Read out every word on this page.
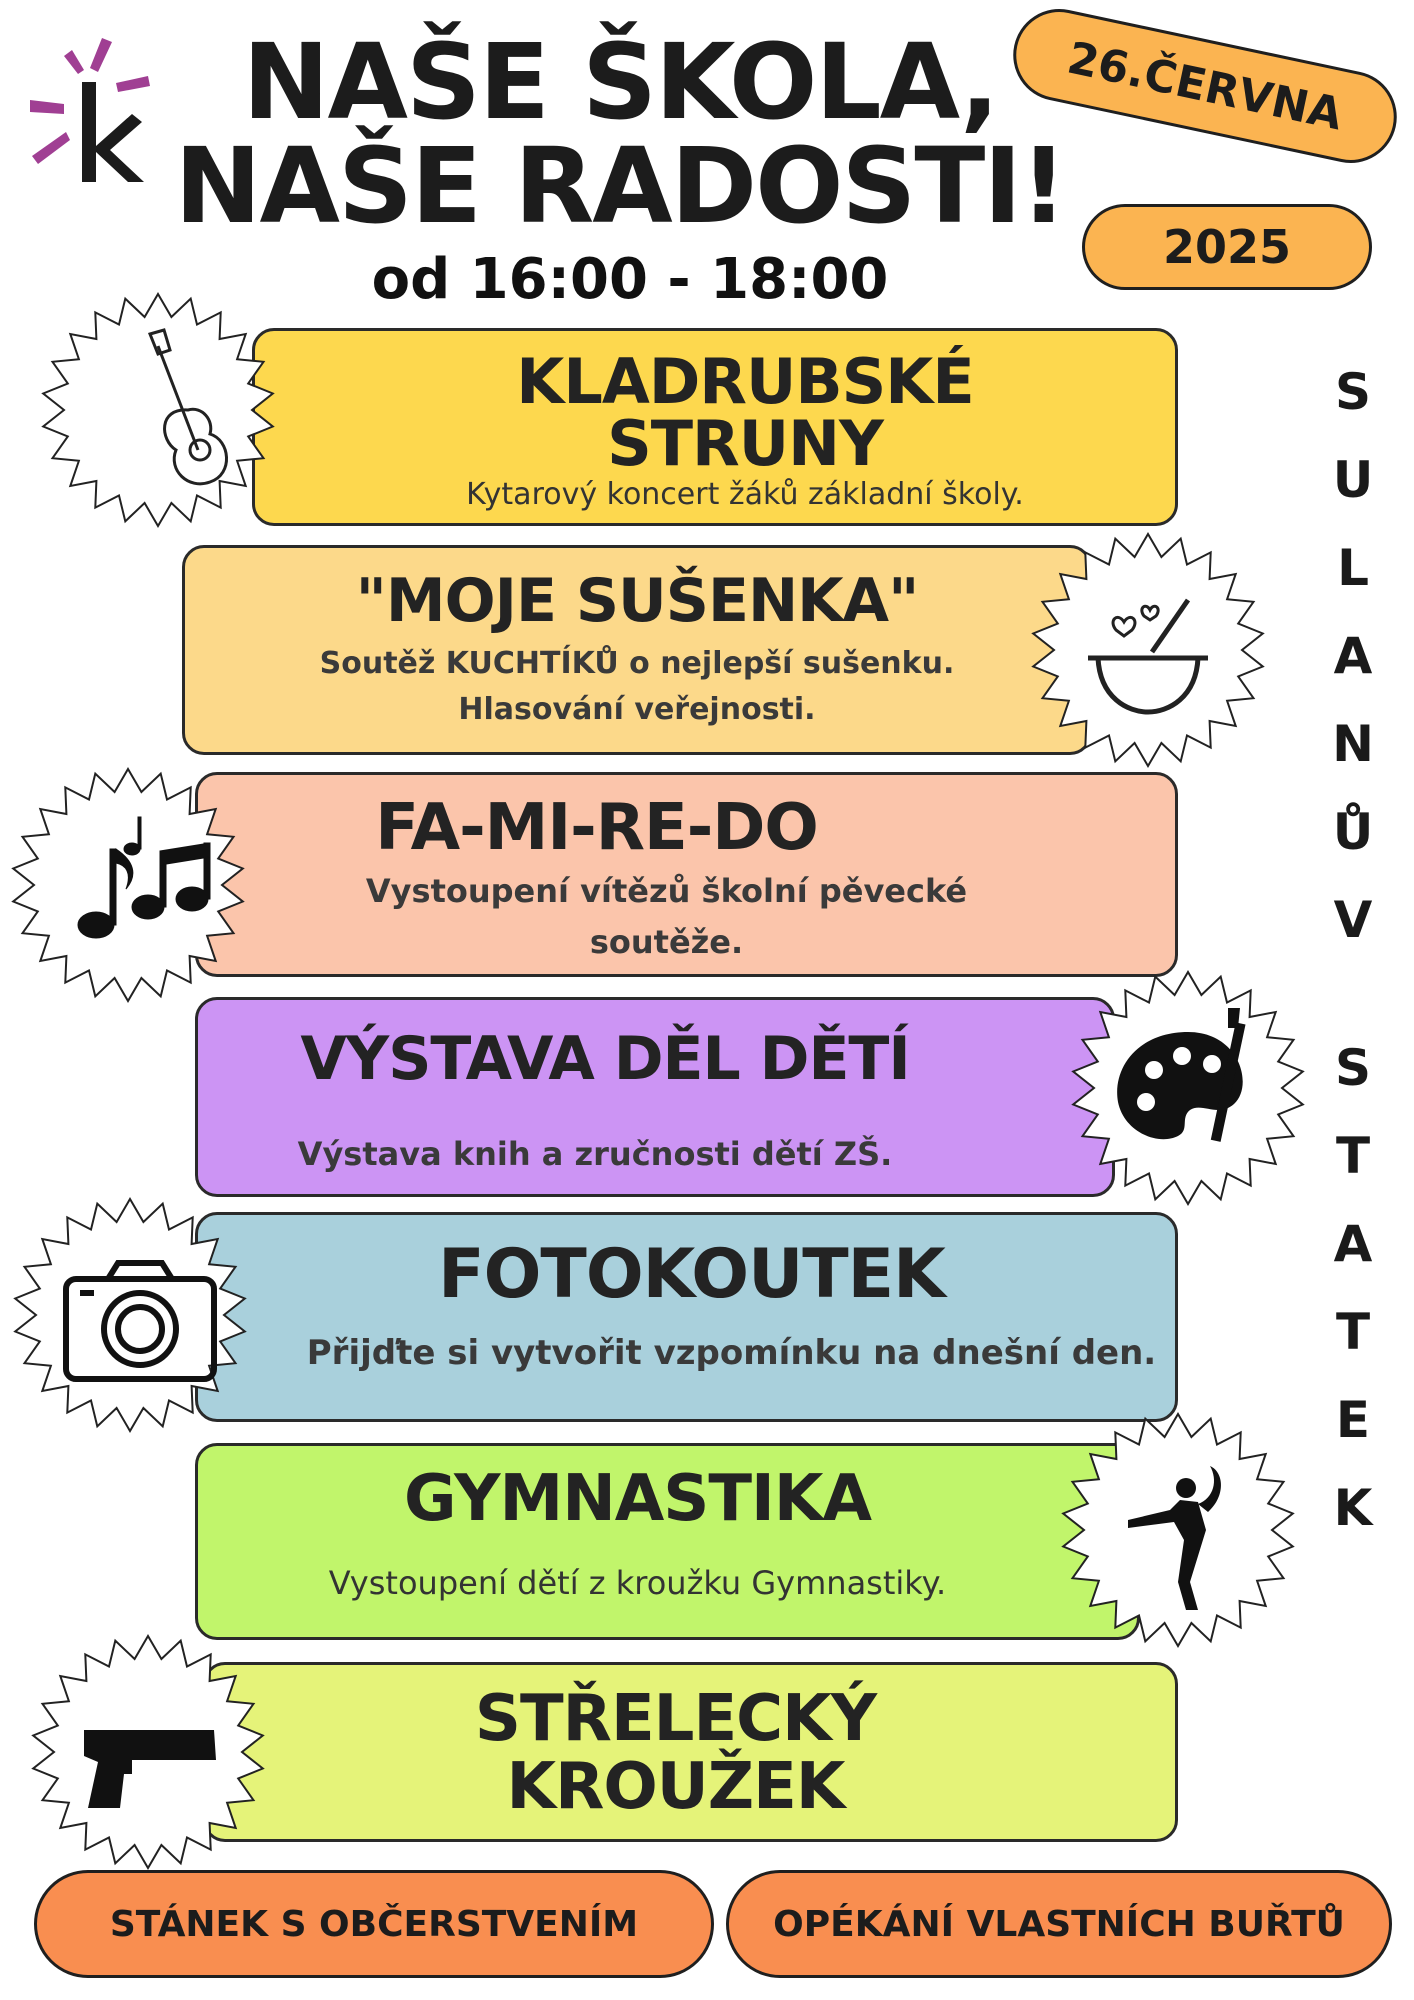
NAŠE ŠKOLA,
NAŠE RADOSTI!
od 16:00 - 18:00
26.ČERVNA
2025
S
U
L
A
N
Ů
V
S
T
A
T
E
K
KLADRUBSKÉ
STRUNY
Kytarový koncert žáků základní školy.
"MOJE SUŠENKA"
Soutěž KUCHTÍKŮ o nejlepší sušenku.
Hlasování veřejnosti.
FA-MI-RE-DO
Vystoupení vítězů školní pěvecké
soutěže.
VÝSTAVA DĚL DĚTÍ
Výstava knih a zručnosti dětí ZŠ.
FOTOKOUTEK
Přijďte si vytvořit vzpomínku na dnešní den.
GYMNASTIKA
Vystoupení dětí z kroužku Gymnastiky.
STŘELECKÝ
KROUŽEK
STÁNEK S OBČERSTVENÍM	OPÉKÁNÍ VLASTNÍCH BUŘTŮ
